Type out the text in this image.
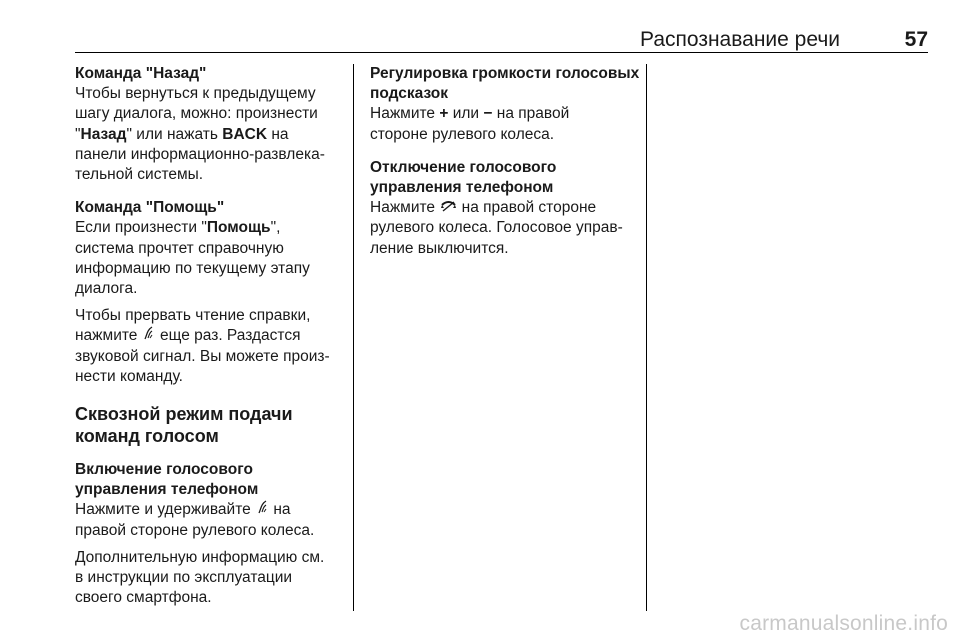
Распознавание речи	57

Команда "Назад"

Чтобы вернуться к предыдущему
шагу диалога, можно: произнести
"Назад" или нажать BACK на
панели информационно-развлека-
тельной системы.

Команда "Помощь"

Если произнести "Помощь",
система прочтет справочную
информацию по текущему этапу
диалога.

Чтобы прервать чтение справки,
нажмите  еще раз. Раздастся
звуковой сигнал. Вы можете произ-
нести команду.

Сквозной режим подачи команд голосом

Включение голосового управления телефоном

Нажмите и удерживайте  на
правой стороне рулевого колеса.

Дополнительную информацию см.
в инструкции по эксплуатации
своего смартфона.

Регулировка громкости голосовых подсказок

Нажмите + или − на правой
стороне рулевого колеса.

Отключение голосового
управления телефоном

Нажмите  на правой стороне
рулевого колеса. Голосовое управ-
ление выключится.

carmanualsonline.info
